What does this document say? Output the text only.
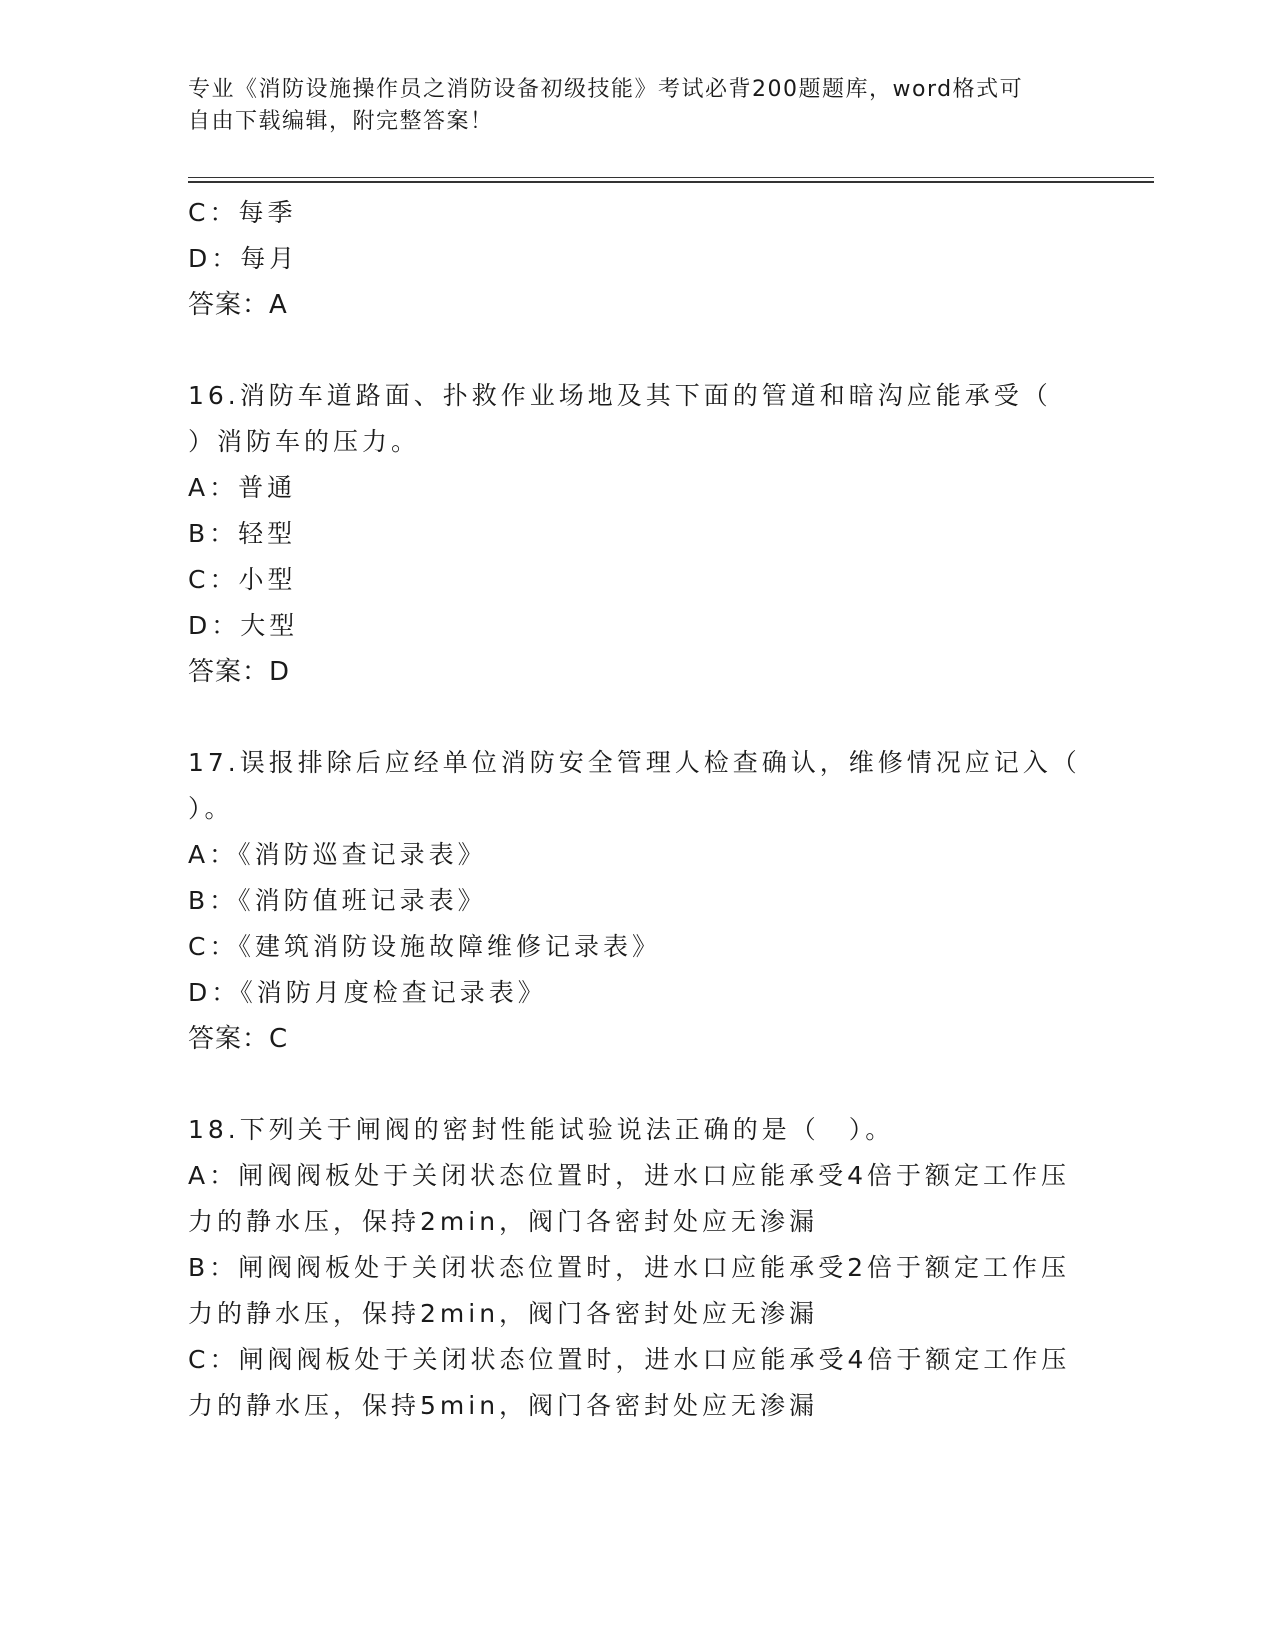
专业《消防设施操作员之消防设备初级技能》考试必背200题题库，word格式可
自由下载编辑，附完整答案！
C：每季
D：每月
答案：A
16.消防车道路面、扑救作业场地及其下面的管道和暗沟应能承受（
）消防车的压力。
A：普通
B：轻型
C：小型
D：大型
答案：D
17.误报排除后应经单位消防安全管理人检查确认，维修情况应记入（
）。
A：《消防巡查记录表》
B：《消防值班记录表》
C：《建筑消防设施故障维修记录表》
D：《消防月度检查记录表》
答案：C
18.下列关于闸阀的密封性能试验说法正确的是（　）。
A：闸阀阀板处于关闭状态位置时，进水口应能承受4倍于额定工作压
力的静水压，保持2min，阀门各密封处应无渗漏
B：闸阀阀板处于关闭状态位置时，进水口应能承受2倍于额定工作压
力的静水压，保持2min，阀门各密封处应无渗漏
C：闸阀阀板处于关闭状态位置时，进水口应能承受4倍于额定工作压
力的静水压，保持5min，阀门各密封处应无渗漏
